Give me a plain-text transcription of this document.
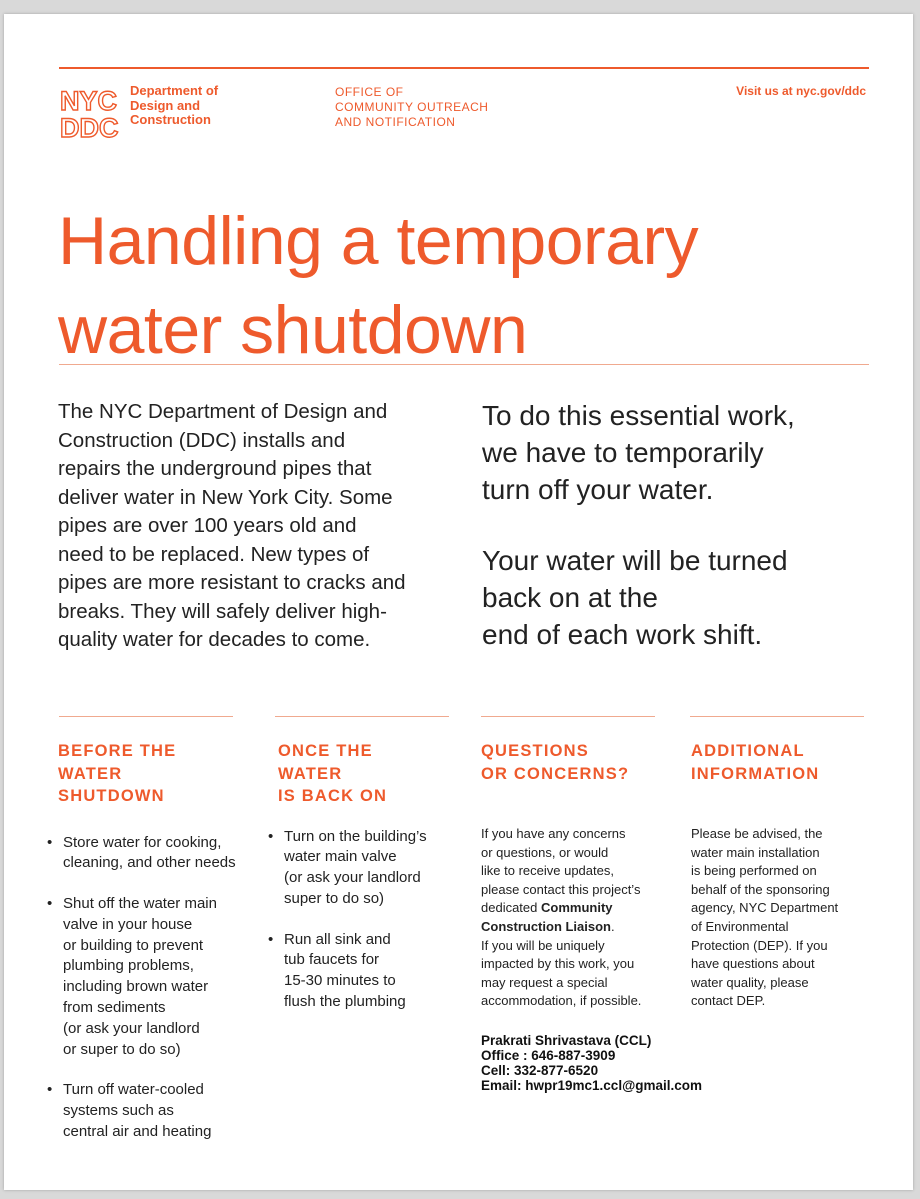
NYC
DDC
Department of
Design and
Construction
OFFICE OF
COMMUNITY OUTREACH
AND NOTIFICATION
Visit us at nyc.gov/ddc
Handling a temporary
water shutdown
The NYC Department of Design and
Construction (DDC) installs and
repairs the underground pipes that
deliver water in New York City. Some
pipes are over 100 years old and
need to be replaced. New types of
pipes are more resistant to cracks and
breaks. They will safely deliver high-
quality water for decades to come.
To do this essential work,
we have to temporarily
turn off your water.
Your water will be turned
back on at the
end of each work shift.
BEFORE THE
WATER
SHUTDOWN
• Store water for cooking,
cleaning, and other needs
• Shut off the water main
valve in your house
or building to prevent
plumbing problems,
including brown water
from sediments
(or ask your landlord
or super to do so)
• Turn off water-cooled
systems such as
central air and heating
ONCE THE
WATER
IS BACK ON
• Turn on the building’s
water main valve
(or ask your landlord
super to do so)
• Run all sink and
tub faucets for
15-30 minutes to
flush the plumbing
QUESTIONS
OR CONCERNS?
If you have any concerns
or questions, or would
like to receive updates,
please contact this project’s
dedicated Community
Construction Liaison.
If you will be uniquely
impacted by this work, you
may request a special
accommodation, if possible.
Prakrati Shrivastava (CCL)
Office : 646-887-3909
Cell: 332-877-6520
Email: hwpr19mc1.ccl@gmail.com
ADDITIONAL
INFORMATION
Please be advised, the
water main installation
is being performed on
behalf of the sponsoring
agency, NYC Department
of Environmental
Protection (DEP). If you
have questions about
water quality, please
contact DEP.
